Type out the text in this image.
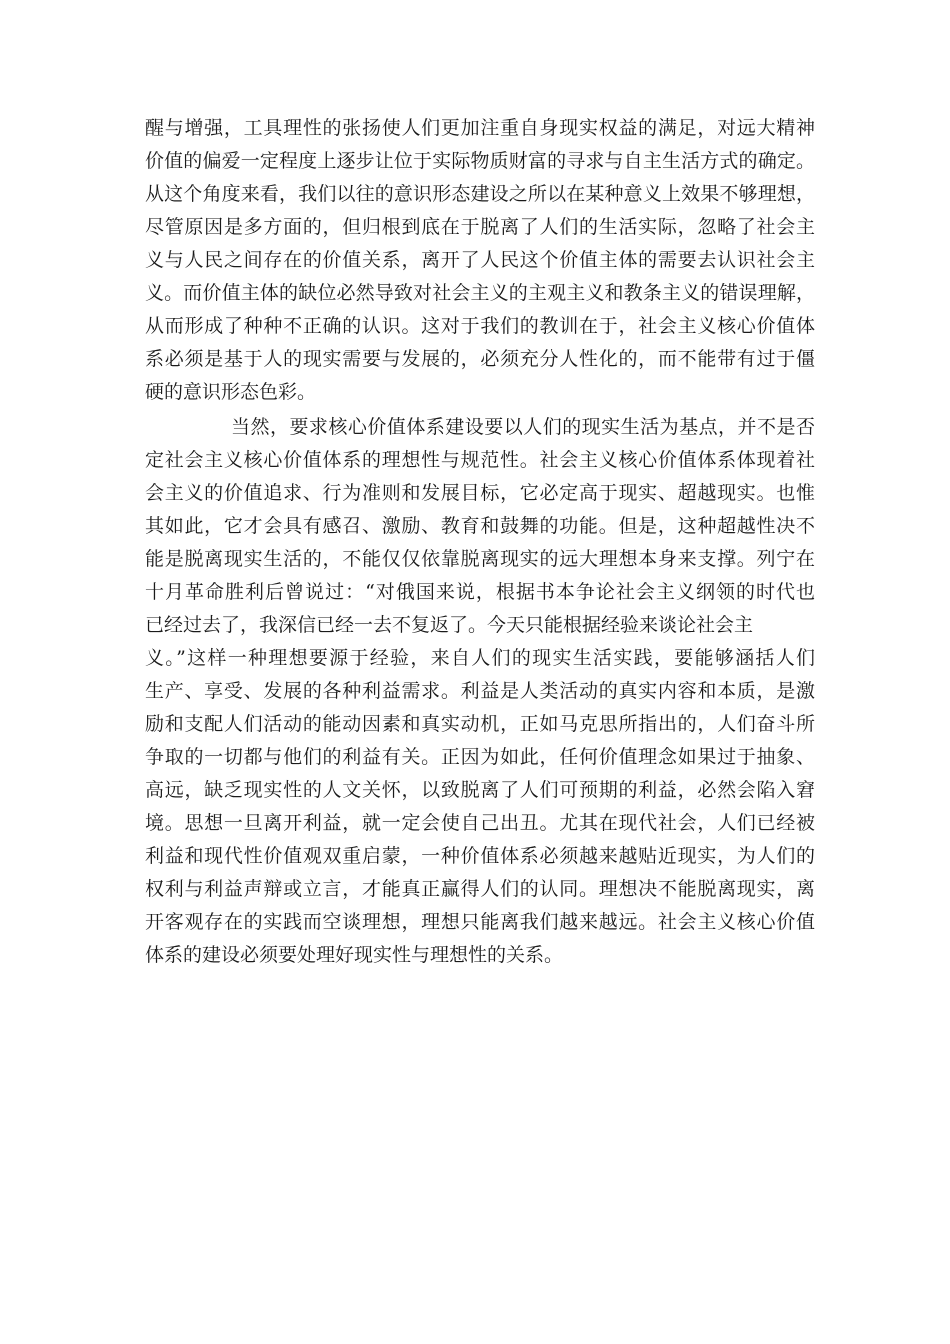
醒与增强，工具理性的张扬使人们更加注重自身现实权益的满足，对远大精神
价值的偏爱一定程度上逐步让位于实际物质财富的寻求与自主生活方式的确定。
从这个角度来看，我们以往的意识形态建设之所以在某种意义上效果不够理想，
尽管原因是多方面的，但归根到底在于脱离了人们的生活实际，忽略了社会主
义与人民之间存在的价值关系，离开了人民这个价值主体的需要去认识社会主
义。而价值主体的缺位必然导致对社会主义的主观主义和教条主义的错误理解，
从而形成了种种不正确的认识。这对于我们的教训在于，社会主义核心价值体
系必须是基于人的现实需要与发展的，必须充分人性化的，而不能带有过于僵
硬的意识形态色彩。
当然，要求核心价值体系建设要以人们的现实生活为基点，并不是否
定社会主义核心价值体系的理想性与规范性。社会主义核心价值体系体现着社
会主义的价值追求、行为准则和发展目标，它必定高于现实、超越现实。也惟
其如此，它才会具有感召、激励、教育和鼓舞的功能。但是，这种超越性决不
能是脱离现实生活的，不能仅仅依靠脱离现实的远大理想本身来支撑。列宁在
十月革命胜利后曾说过：“对俄国来说，根据书本争论社会主义纲领的时代也
已经过去了，我深信已经一去不复返了。今天只能根据经验来谈论社会主
义。”这样一种理想要源于经验，来自人们的现实生活实践，要能够涵括人们
生产、享受、发展的各种利益需求。利益是人类活动的真实内容和本质，是激
励和支配人们活动的能动因素和真实动机，正如马克思所指出的，人们奋斗所
争取的一切都与他们的利益有关。正因为如此，任何价值理念如果过于抽象、
高远，缺乏现实性的人文关怀，以致脱离了人们可预期的利益，必然会陷入窘
境。思想一旦离开利益，就一定会使自己出丑。尤其在现代社会，人们已经被
利益和现代性价值观双重启蒙，一种价值体系必须越来越贴近现实，为人们的
权利与利益声辩或立言，才能真正赢得人们的认同。理想决不能脱离现实，离
开客观存在的实践而空谈理想，理想只能离我们越来越远。社会主义核心价值
体系的建设必须要处理好现实性与理想性的关系。
